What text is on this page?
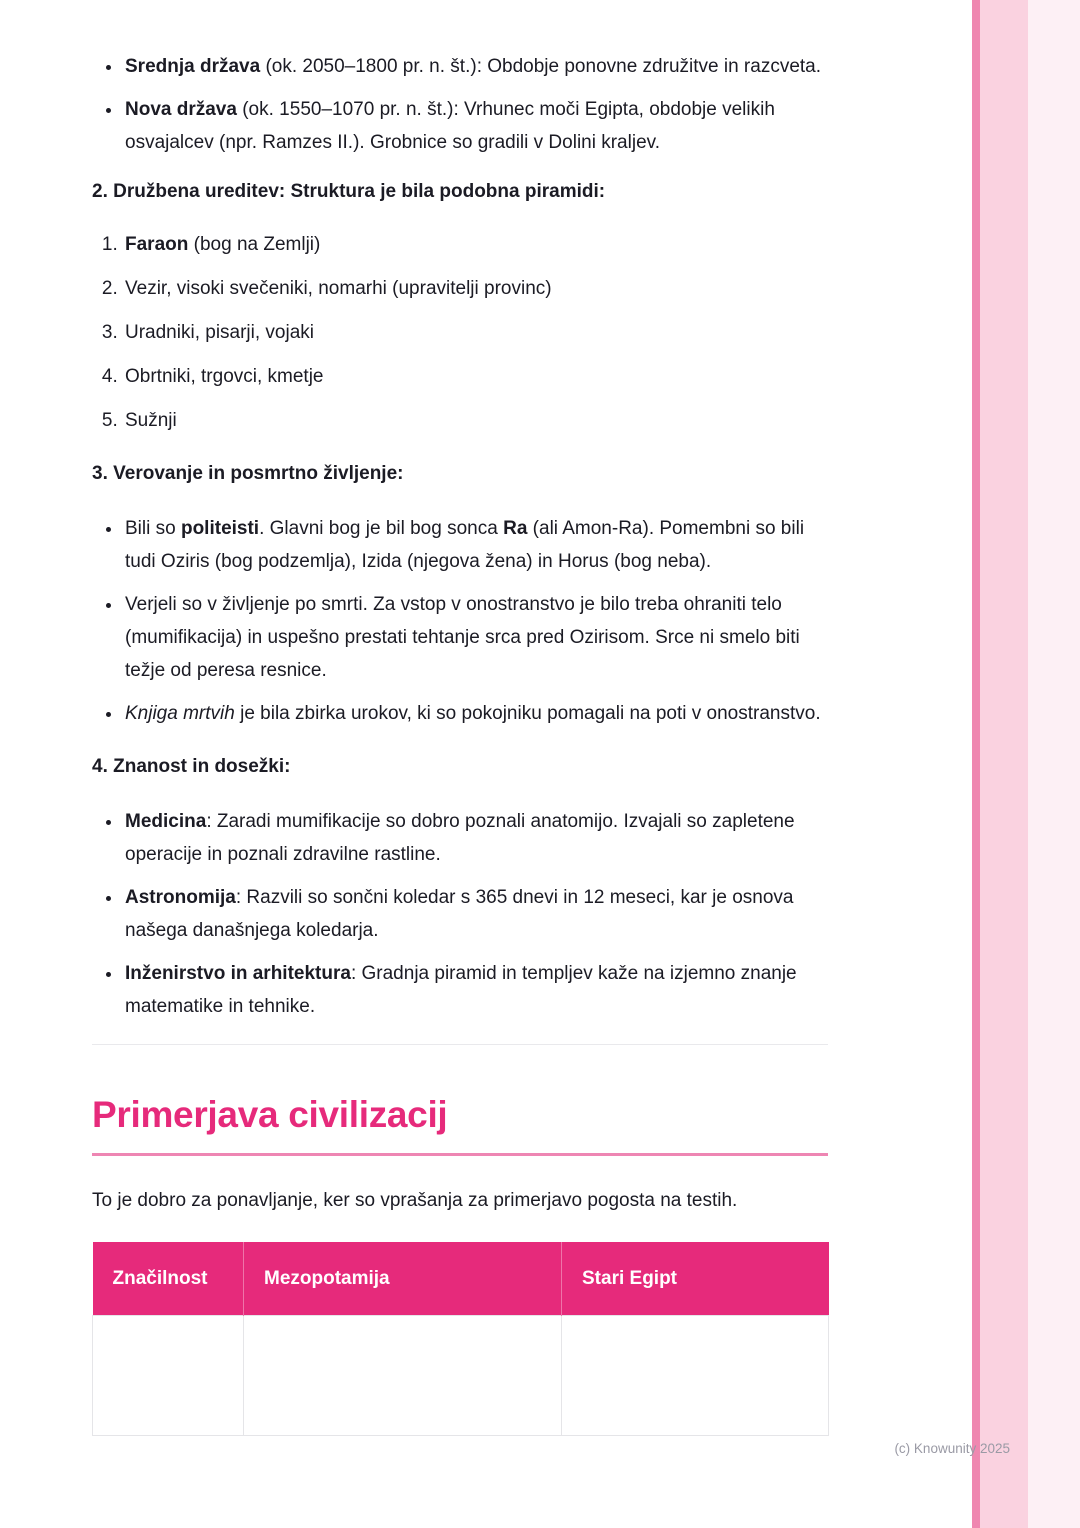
• Srednja država (ok. 2050–1800 pr. n. št.): Obdobje ponovne združitve in razcveta.
• Nova država (ok. 1550–1070 pr. n. št.): Vrhunec moči Egipta, obdobje velikih osvajalcev (npr. Ramzes II.). Grobnice so gradili v Dolini kraljev.

2. Družbena ureditev: Struktura je bila podobna piramidi:

1. Faraon (bog na Zemlji)
2. Vezir, visoki svečeniki, nomarhi (upravitelji provinc)
3. Uradniki, pisarji, vojaki
4. Obrtniki, trgovci, kmetje
5. Sužnji

3. Verovanje in posmrtno življenje:

• Bili so politeisti. Glavni bog je bil bog sonca Ra (ali Amon-Ra). Pomembni so bili tudi Oziris (bog podzemlja), Izida (njegova žena) in Horus (bog neba).
• Verjeli so v življenje po smrti. Za vstop v onostranstvo je bilo treba ohraniti telo (mumifikacija) in uspešno prestati tehtanje srca pred Ozirisom. Srce ni smelo biti težje od peresa resnice.
• Knjiga mrtvih je bila zbirka urokov, ki so pokojniku pomagali na poti v onostranstvo.

4. Znanost in dosežki:

• Medicina: Zaradi mumifikacije so dobro poznali anatomijo. Izvajali so zapletene operacije in poznali zdravilne rastline.
• Astronomija: Razvili so sončni koledar s 365 dnevi in 12 meseci, kar je osnova našega današnjega koledarja.
• Inženirstvo in arhitektura: Gradnja piramid in templjev kaže na izjemno znanje matematike in tehnike.
Primerjava civilizacij

To je dobro za ponavljanje, ker so vprašanja za primerjavo pogosta na testih.

Značilnost	Mezopotamija	Stari Egipt

(c) Knowunity 2025
